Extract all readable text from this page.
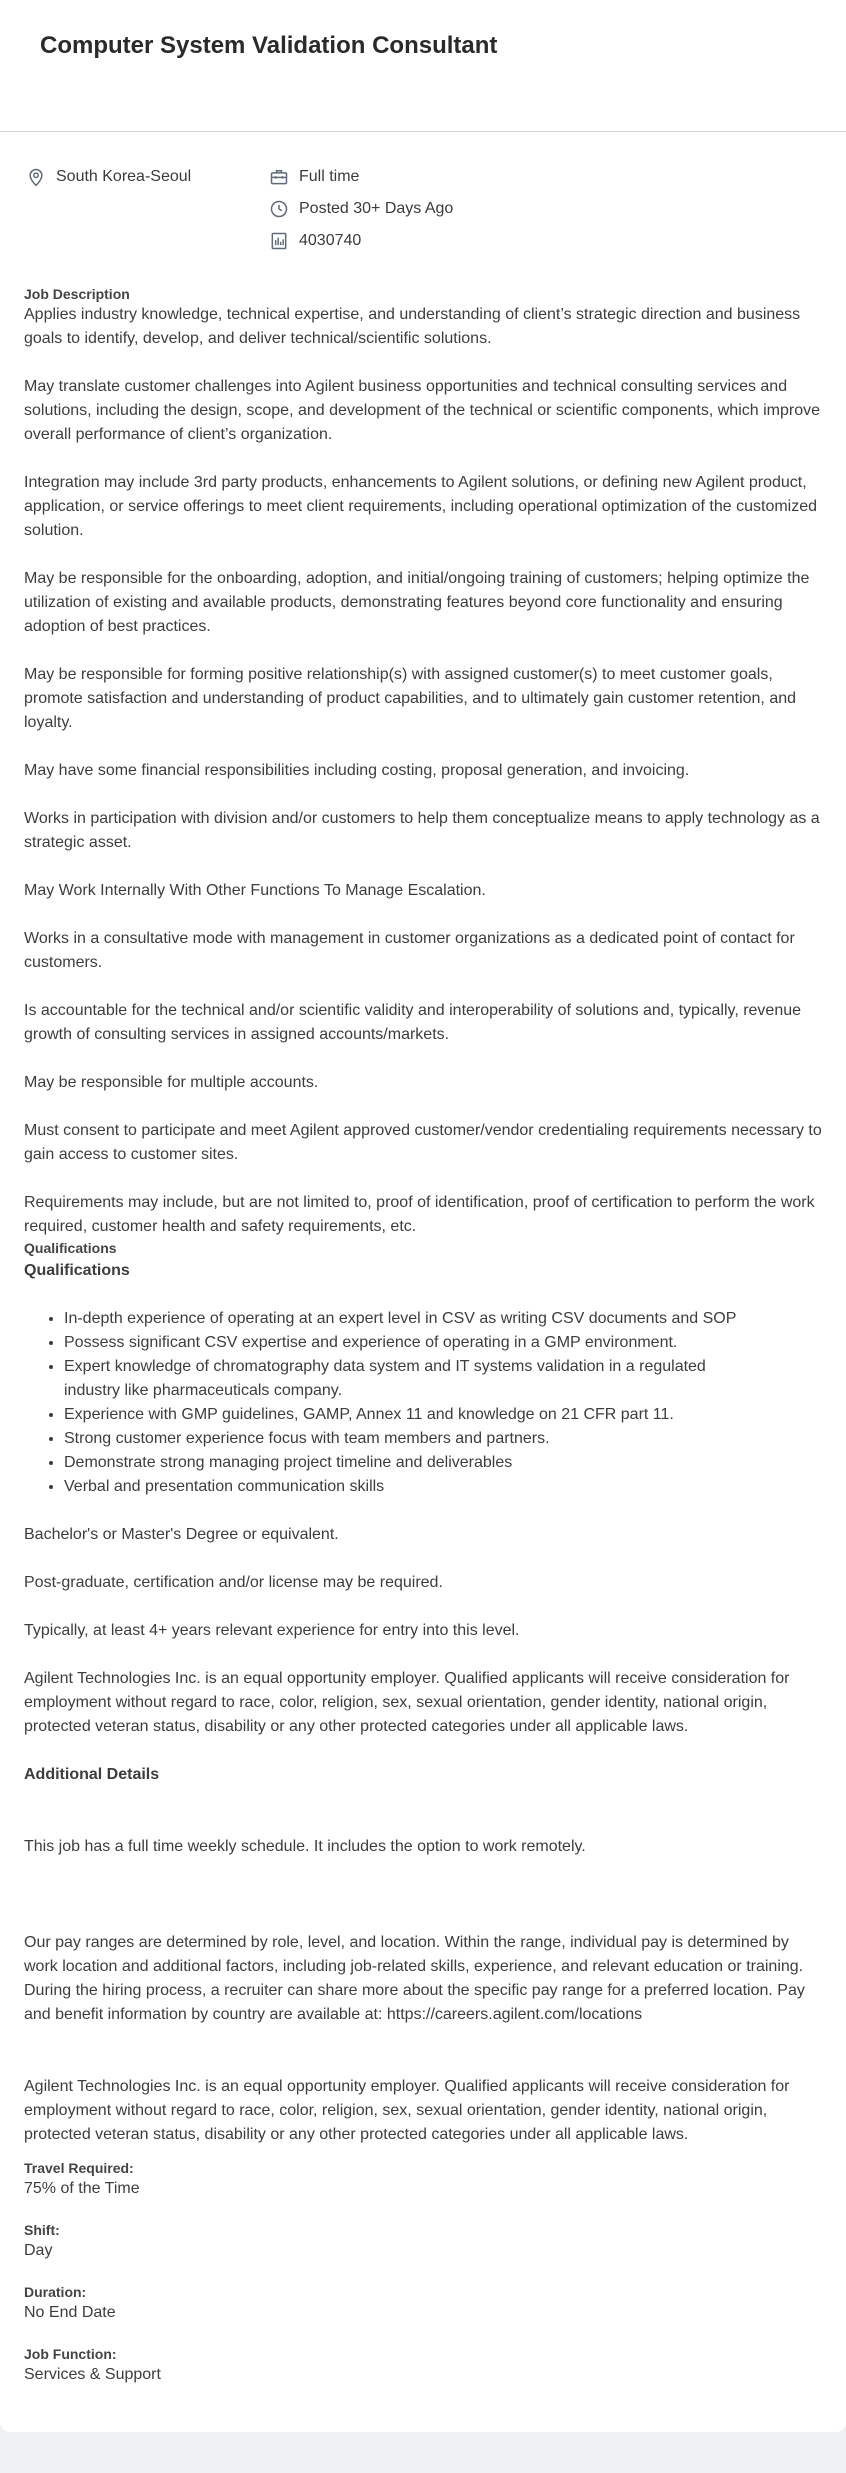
Computer System Validation Consultant
South Korea-Seoul	Full time
Posted 30+ Days Ago
4030740

Job Description

Applies industry knowledge, technical expertise, and understanding of client’s strategic direction and business goals to identify, develop, and deliver technical/scientific solutions.

May translate customer challenges into Agilent business opportunities and technical consulting services and solutions, including the design, scope, and development of the technical or scientific components, which improve overall performance of client’s organization.

Integration may include 3rd party products, enhancements to Agilent solutions, or defining new Agilent product, application, or service offerings to meet client requirements, including operational optimization of the customized solution.

May be responsible for the onboarding, adoption, and initial/ongoing training of customers; helping optimize the utilization of existing and available products, demonstrating features beyond core functionality and ensuring adoption of best practices.

May be responsible for forming positive relationship(s) with assigned customer(s) to meet customer goals, promote satisfaction and understanding of product capabilities, and to ultimately gain customer retention, and loyalty.

May have some financial responsibilities including costing, proposal generation, and invoicing.

Works in participation with division and/or customers to help them conceptualize means to apply technology as a strategic asset.

May Work Internally With Other Functions To Manage Escalation.

Works in a consultative mode with management in customer organizations as a dedicated point of contact for customers.

Is accountable for the technical and/or scientific validity and interoperability of solutions and, typically, revenue growth of consulting services in assigned accounts/markets.

May be responsible for multiple accounts.

Must consent to participate and meet Agilent approved customer/vendor credentialing requirements necessary to gain access to customer sites.

Requirements may include, but are not limited to, proof of identification, proof of certification to perform the work required, customer health and safety requirements, etc.

Qualifications

Qualifications

• In-depth experience of operating at an expert level in CSV as writing CSV documents and SOP
• Possess significant CSV expertise and experience of operating in a GMP environment.
• Expert knowledge of chromatography data system and IT systems validation in a regulated industry like pharmaceuticals company.
• Experience with GMP guidelines, GAMP, Annex 11 and knowledge on 21 CFR part 11.
• Strong customer experience focus with team members and partners.
• Demonstrate strong managing project timeline and deliverables
• Verbal and presentation communication skills

Bachelor's or Master's Degree or equivalent.

Post-graduate, certification and/or license may be required.

Typically, at least 4+ years relevant experience for entry into this level.

Agilent Technologies Inc. is an equal opportunity employer. Qualified applicants will receive consideration for employment without regard to race, color, religion, sex, sexual orientation, gender identity, national origin, protected veteran status, disability or any other protected categories under all applicable laws.

Additional Details

This job has a full time weekly schedule. It includes the option to work remotely.

Our pay ranges are determined by role, level, and location. Within the range, individual pay is determined by work location and additional factors, including job-related skills, experience, and relevant education or training. During the hiring process, a recruiter can share more about the specific pay range for a preferred location. Pay and benefit information by country are available at: https://careers.agilent.com/locations

Agilent Technologies Inc. is an equal opportunity employer. Qualified applicants will receive consideration for employment without regard to race, color, religion, sex, sexual orientation, gender identity, national origin, protected veteran status, disability or any other protected categories under all applicable laws.

Travel Required:
75% of the Time
Shift:
Day
Duration:
No End Date
Job Function:
Services & Support
